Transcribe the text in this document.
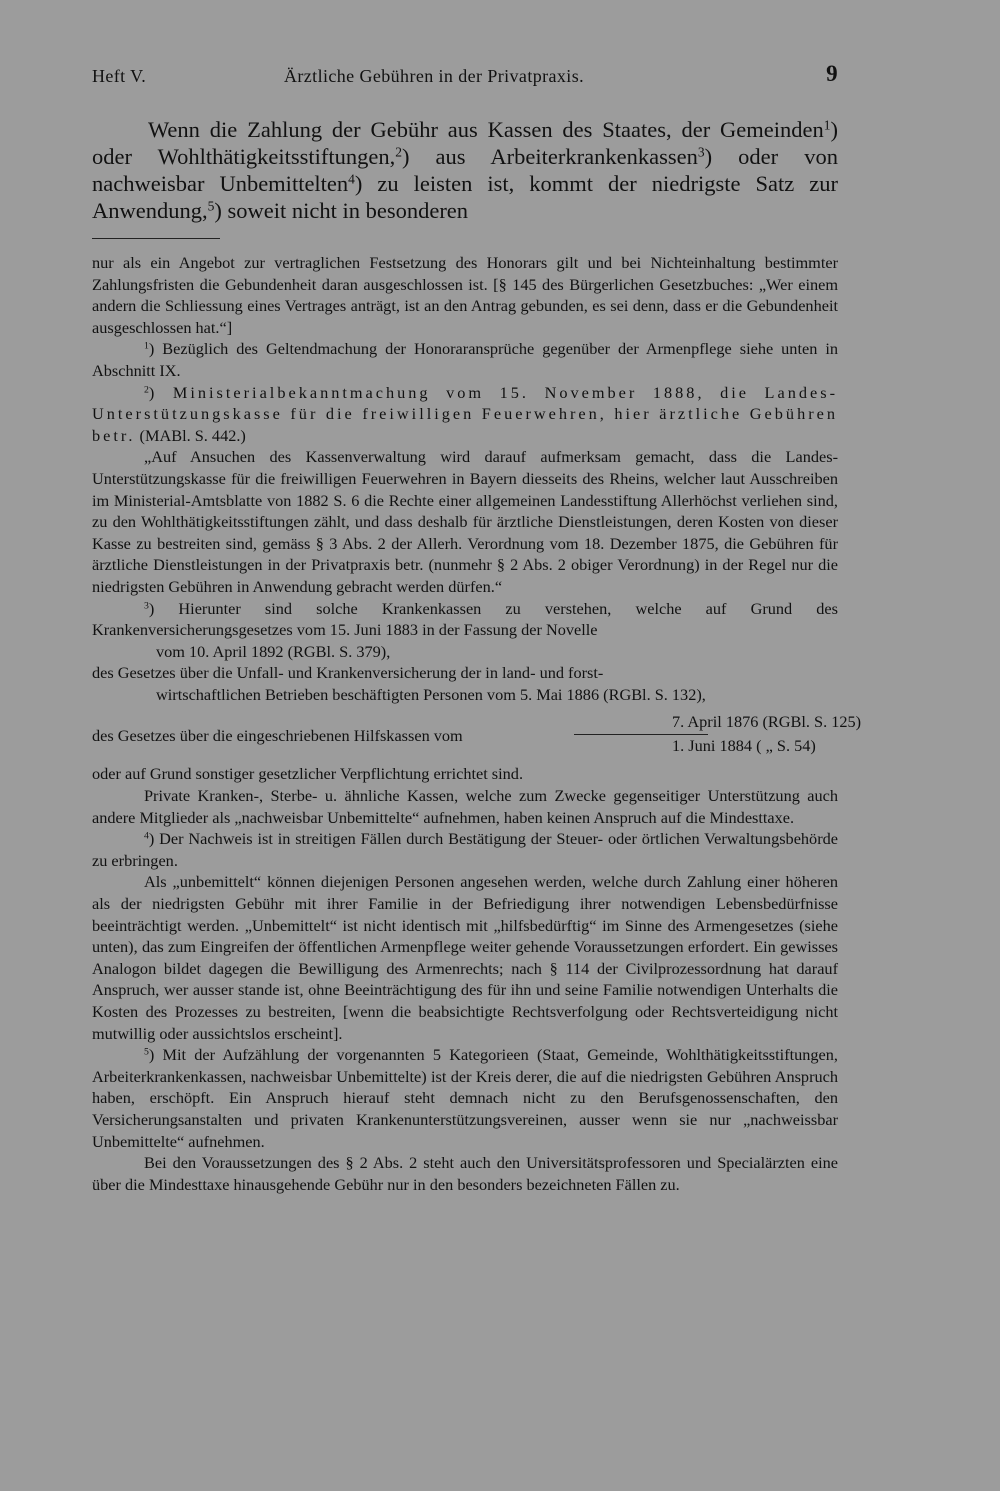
Heft V.	Ärztliche Gebühren in der Privatpraxis.	9

Wenn die Zahlung der Gebühr aus Kassen des Staates, der Gemeinden$^1$) oder Wohlthätigkeitsstiftungen,$^2$) aus Arbeiterkrankenkassen$^3$) oder von nachweisbar Unbemittelten$^4$) zu leisten ist, kommt der niedrigste Satz zur Anwendung,$^5$) soweit nicht in besonderen

nur als ein Angebot zur vertraglichen Festsetzung des Honorars gilt und bei Nichteinhaltung bestimmter Zahlungsfristen die Gebundenheit daran ausgeschlossen ist. [§ 145 des Bürgerlichen Gesetzbuches: „Wer einem andern die Schliessung eines Vertrages anträgt, ist an den Antrag gebunden, es sei denn, dass er die Gebundenheit ausgeschlossen hat.“]

$^1$) Bezüglich des Geltendmachung der Honoraransprüche gegenüber der Armenpflege siehe unten in Abschnitt IX.

$^2$) Ministerialbekanntmachung vom 15. November 1888, die Landes-Unterstützungskasse für die freiwilligen Feuerwehren, hier ärztliche Gebühren betr. (MABl. S. 442.)

„Auf Ansuchen des Kassenverwaltung wird darauf aufmerksam gemacht, dass die Landes-Unterstützungskasse für die freiwilligen Feuerwehren in Bayern diesseits des Rheins, welcher laut Ausschreiben im Ministerial-Amtsblatte von 1882 S. 6 die Rechte einer allgemeinen Landesstiftung Allerhöchst verliehen sind, zu den Wohlthätigkeitsstiftungen zählt, und dass deshalb für ärztliche Dienstleistungen, deren Kosten von dieser Kasse zu bestreiten sind, gemäss § 3 Abs. 2 der Allerh. Verordnung vom 18. Dezember 1875, die Gebühren für ärztliche Dienstleistungen in der Privatpraxis betr. (nunmehr § 2 Abs. 2 obiger Verordnung) in der Regel nur die niedrigsten Gebühren in Anwendung gebracht werden dürfen.“

$^3$) Hierunter sind solche Krankenkassen zu verstehen, welche auf Grund des Krankenversicherungsgesetzes vom 15. Juni 1883 in der Fassung der Novelle

vom 10. April 1892 (RGBl. S. 379),

des Gesetzes über die Unfall- und Krankenversicherung der in land- und forst-

wirtschaftlichen Betrieben beschäftigten Personen vom 5. Mai 1886 (RGBl. S. 132),

des Gesetzes über die eingeschriebenen Hilfskassen vom
7. April 1876 (RGBl. S. 125)
1. Juni 1884 ( „ S. 54)

oder auf Grund sonstiger gesetzlicher Verpflichtung errichtet sind.

Private Kranken-, Sterbe- u. ähnliche Kassen, welche zum Zwecke gegenseitiger Unterstützung auch andere Mitglieder als „nachweisbar Unbemittelte“ aufnehmen, haben keinen Anspruch auf die Mindesttaxe.

$^4$) Der Nachweis ist in streitigen Fällen durch Bestätigung der Steuer- oder örtlichen Verwaltungsbehörde zu erbringen.

Als „unbemittelt“ können diejenigen Personen angesehen werden, welche durch Zahlung einer höheren als der niedrigsten Gebühr mit ihrer Familie in der Befriedigung ihrer notwendigen Lebensbedürfnisse beeinträchtigt werden. „Unbemittelt“ ist nicht identisch mit „hilfsbedürftig“ im Sinne des Armengesetzes (siehe unten), das zum Eingreifen der öffentlichen Armenpflege weiter gehende Voraussetzungen erfordert. Ein gewisses Analogon bildet dagegen die Bewilligung des Armenrechts; nach § 114 der Civilprozessordnung hat darauf Anspruch, wer ausser stande ist, ohne Beeinträchtigung des für ihn und seine Familie notwendigen Unterhalts die Kosten des Prozesses zu bestreiten, [wenn die beabsichtigte Rechtsverfolgung oder Rechtsverteidigung nicht mutwillig oder aussichtslos erscheint].

$^5$) Mit der Aufzählung der vorgenannten 5 Kategorieen (Staat, Gemeinde, Wohlthätigkeitsstiftungen, Arbeiterkrankenkassen, nachweisbar Unbemittelte) ist der Kreis derer, die auf die niedrigsten Gebühren Anspruch haben, erschöpft. Ein Anspruch hierauf steht demnach nicht zu den Berufsgenossenschaften, den Versicherungsanstalten und privaten Krankenunterstützungsvereinen, ausser wenn sie nur „nachweissbar Unbemittelte“ aufnehmen.

Bei den Voraussetzungen des § 2 Abs. 2 steht auch den Universitätsprofessoren und Specialärzten eine über die Mindesttaxe hinausgehende Gebühr nur in den besonders bezeichneten Fällen zu.
